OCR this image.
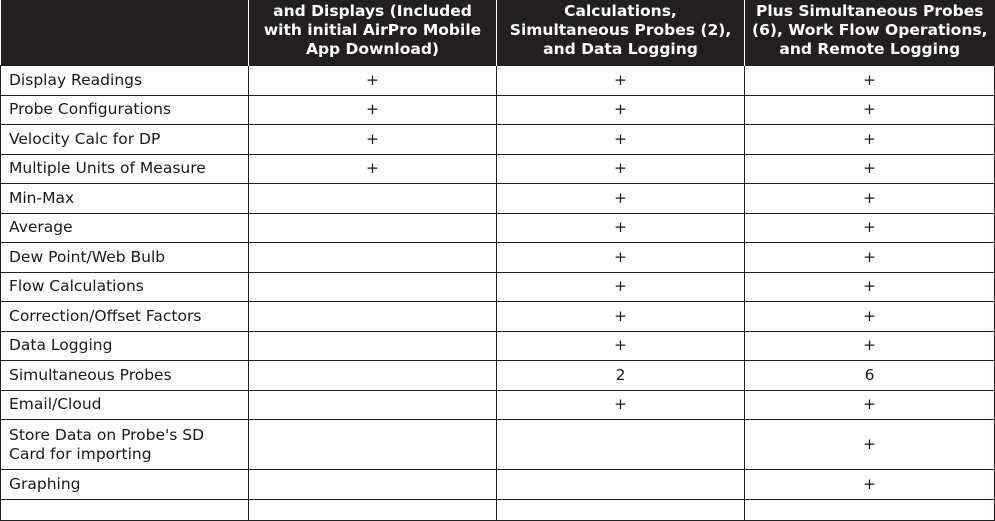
	and Displays (Included with initial AirPro Mobile App Download)	Calculations, Simultaneous Probes (2), and Data Logging	Plus Simultaneous Probes (6), Work Flow Operations, and Remote Logging

Display Readings	+	+	+
Probe Configurations	+	+	+
Velocity Calc for DP	+	+	+
Multiple Units of Measure	+	+	+
Min-Max		+	+
Average		+	+
Dew Point/Web Bulb		+	+
Flow Calculations		+	+
Correction/Offset Factors		+	+
Data Logging		+	+
Simultaneous Probes		2	6
Email/Cloud		+	+
Store Data on Probe's SD Card for importing			+
Graphing			+
